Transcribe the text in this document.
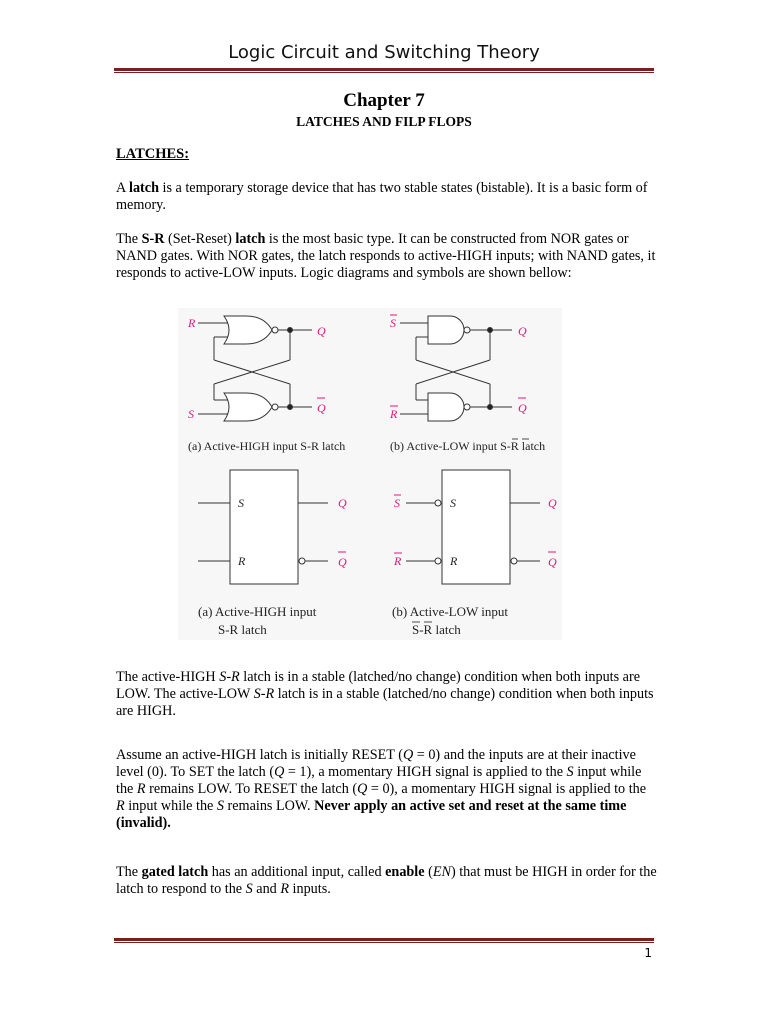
Logic Circuit and Switching Theory
Chapter 7
LATCHES AND FILP FLOPS
LATCHES:

A latch is a temporary storage device that has two stable states (bistable). It is a basic form of memory.

The S-R (Set-Reset) latch is the most basic type. It can be constructed from NOR gates or NAND gates. With NOR gates, the latch responds to active-HIGH inputs; with NAND gates, it responds to active-LOW inputs. Logic diagrams and symbols are shown bellow:

R
S
Q
Q
S
R
Q
Q
(a) Active-HIGH input S-R latch	(b) Active-LOW input S-R latch
S
R
Q
Q
S
R
S
R
Q
Q
(a) Active-HIGH input
S-R latch
(b) Active-LOW input
S-R latch

The active-HIGH S-R latch is in a stable (latched/no change) condition when both inputs are LOW. The active-LOW S-R latch is in a stable (latched/no change) condition when both inputs are HIGH.

Assume an active-HIGH latch is initially RESET (Q = 0) and the inputs are at their inactive level (0). To SET the latch (Q = 1), a momentary HIGH signal is applied to the S input while the R remains LOW. To RESET the latch (Q = 0), a momentary HIGH signal is applied to the R input while the S remains LOW. Never apply an active set and reset at the same time (invalid).

The gated latch has an additional input, called enable (EN) that must be HIGH in order for the latch to respond to the S and R inputs.

1
